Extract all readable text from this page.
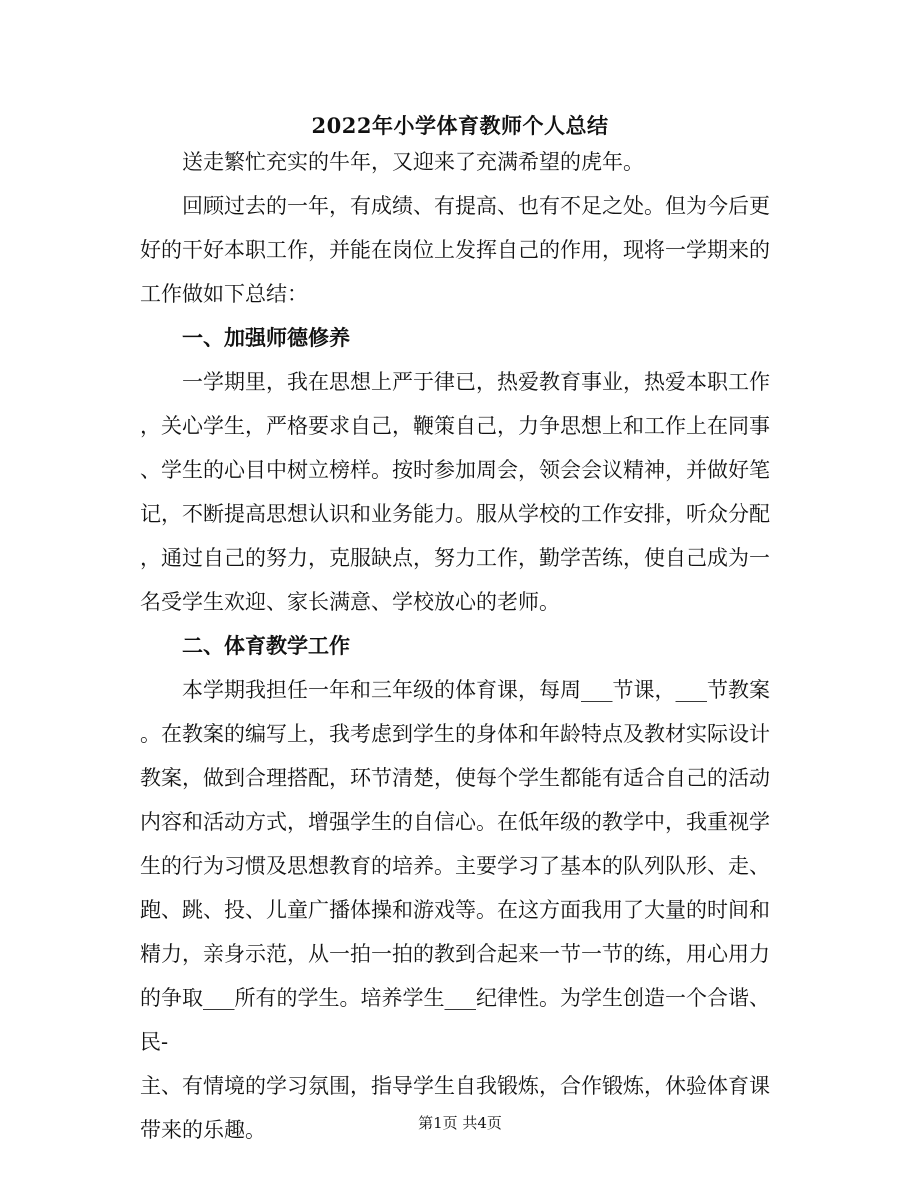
2022年小学体育教师个人总结
送走繁忙充实的牛年，又迎来了充满希望的虎年。
回顾过去的一年，有成绩、有提高、也有不足之处。但为今后更
好的干好本职工作，并能在岗位上发挥自己的作用，现将一学期来的
工作做如下总结：
一、加强师德修养
一学期里，我在思想上严于律已，热爱教育事业，热爱本职工作
，关心学生，严格要求自己，鞭策自己，力争思想上和工作上在同事
、学生的心目中树立榜样。按时参加周会，领会会议精神，并做好笔
记，不断提高思想认识和业务能力。服从学校的工作安排，听众分配
，通过自己的努力，克服缺点，努力工作，勤学苦练，使自己成为一
名受学生欢迎、家长满意、学校放心的老师。
二、体育教学工作
本学期我担任一年和三年级的体育课，每周___节课，___节教案
。在教案的编写上，我考虑到学生的身体和年龄特点及教材实际设计
教案，做到合理搭配，环节清楚，使每个学生都能有适合自己的活动
内容和活动方式，增强学生的自信心。在低年级的教学中，我重视学
生的行为习惯及思想教育的培养。主要学习了基本的队列队形、走、
跑、跳、投、儿童广播体操和游戏等。在这方面我用了大量的时间和
精力，亲身示范，从一拍一拍的教到合起来一节一节的练，用心用力
的争取___所有的学生。培养学生___纪律性。为学生创造一个合谐、
民-
主、有情境的学习氛围，指导学生自我锻炼，合作锻炼，休验体育课
带来的乐趣。	第1页 共4页
